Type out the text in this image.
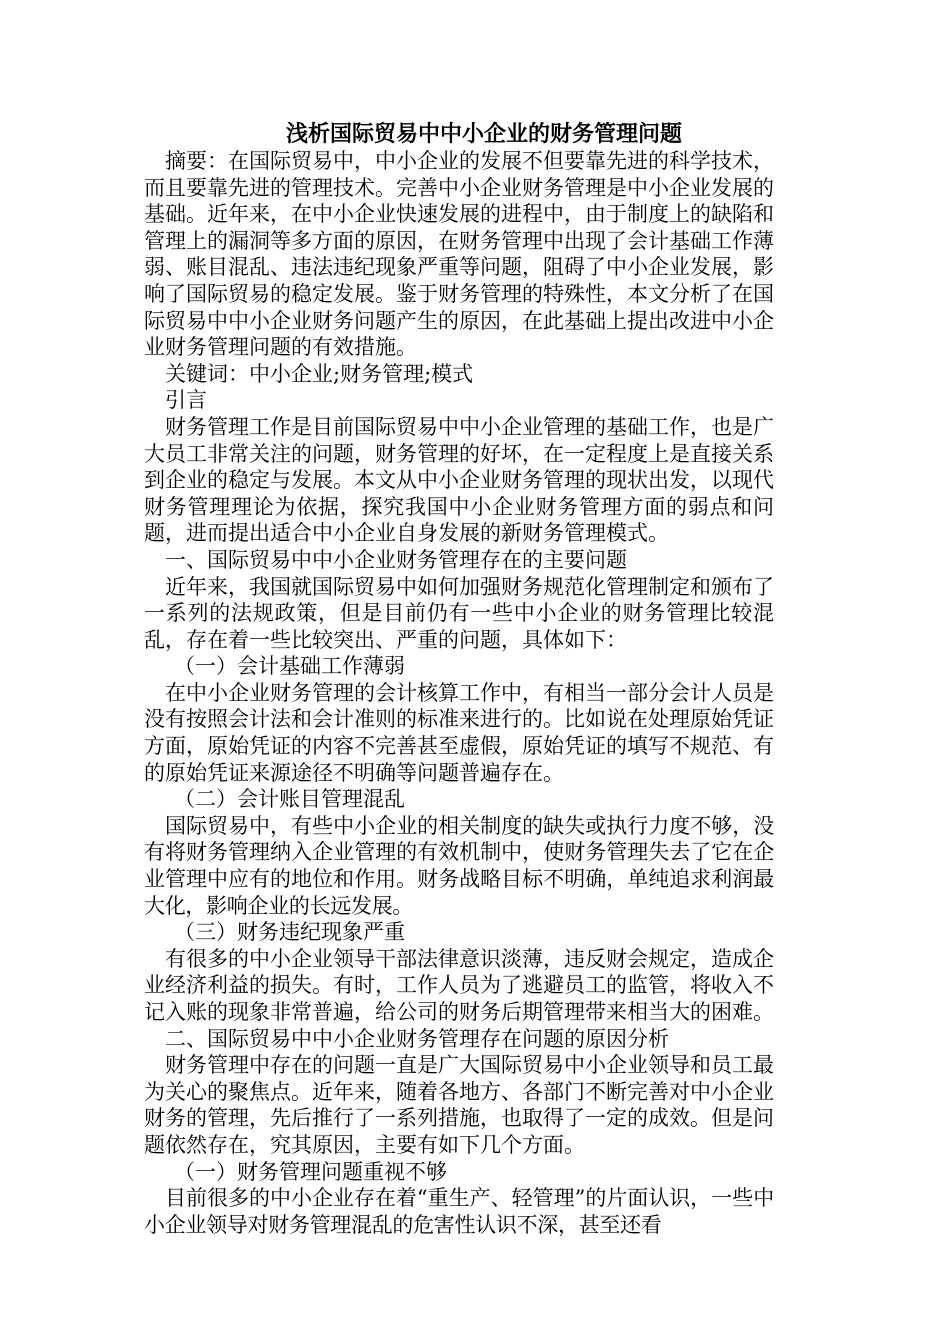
浅析国际贸易中中小企业的财务管理问题

摘要：在国际贸易中，中小企业的发展不但要靠先进的科学技术，而且要靠先进的管理技术。完善中小企业财务管理是中小企业发展的基础。近年来，在中小企业快速发展的进程中，由于制度上的缺陷和管理上的漏洞等多方面的原因，在财务管理中出现了会计基础工作薄弱、账目混乱、违法违纪现象严重等问题，阻碍了中小企业发展，影响了国际贸易的稳定发展。鉴于财务管理的特殊性，本文分析了在国际贸易中中小企业财务问题产生的原因，在此基础上提出改进中小企业财务管理问题的有效措施。

关键词：中小企业;财务管理;模式

引言

财务管理工作是目前国际贸易中中小企业管理的基础工作，也是广大员工非常关注的问题，财务管理的好坏，在一定程度上是直接关系到企业的稳定与发展。本文从中小企业财务管理的现状出发，以现代财务管理理论为依据，探究我国中小企业财务管理方面的弱点和问题，进而提出适合中小企业自身发展的新财务管理模式。

一、国际贸易中中小企业财务管理存在的主要问题

近年来，我国就国际贸易中如何加强财务规范化管理制定和颁布了一系列的法规政策，但是目前仍有一些中小企业的财务管理比较混乱，存在着一些比较突出、严重的问题，具体如下：

（一）会计基础工作薄弱

在中小企业财务管理的会计核算工作中，有相当一部分会计人员是没有按照会计法和会计准则的标准来进行的。比如说在处理原始凭证方面，原始凭证的内容不完善甚至虚假，原始凭证的填写不规范、有的原始凭证来源途径不明确等问题普遍存在。

（二）会计账目管理混乱

国际贸易中，有些中小企业的相关制度的缺失或执行力度不够，没有将财务管理纳入企业管理的有效机制中，使财务管理失去了它在企业管理中应有的地位和作用。财务战略目标不明确，单纯追求利润最大化，影响企业的长远发展。

（三）财务违纪现象严重

有很多的中小企业领导干部法律意识淡薄，违反财会规定，造成企业经济利益的损失。有时，工作人员为了逃避员工的监管，将收入不记入账的现象非常普遍，给公司的财务后期管理带来相当大的困难。

二、国际贸易中中小企业财务管理存在问题的原因分析

财务管理中存在的问题一直是广大国际贸易中小企业领导和员工最为关心的聚焦点。近年来，随着各地方、各部门不断完善对中小企业财务的管理，先后推行了一系列措施，也取得了一定的成效。但是问题依然存在，究其原因，主要有如下几个方面。

（一）财务管理问题重视不够

目前很多的中小企业存在着“重生产、轻管理”的片面认识，一些中小企业领导对财务管理混乱的危害性认识不深，甚至还看
